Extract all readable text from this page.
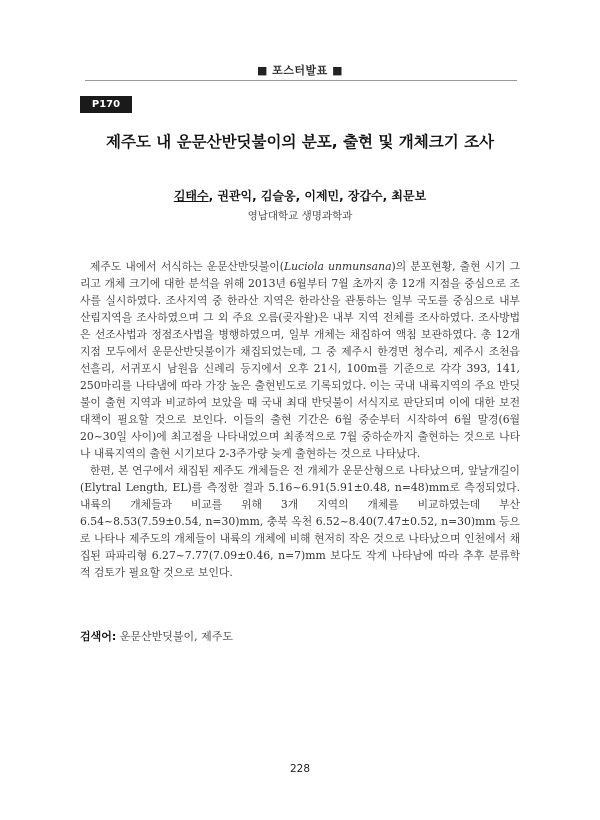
■ 포스터발표 ■
P170
제주도 내 운문산반딧불이의 분포, 출현 및 개체크기 조사
김태수, 권관익, 김슬옹, 이제민, 장갑수, 최문보
영남대학교 생명과학과

제주도 내에서 서식하는 운문산반딧불이(Luciola unmunsana)의 분포현황, 출현 시기 그리고 개체 크기에 대한 분석을 위해 2013년 6월부터 7월 초까지 총 12개 지점을 중심으로 조사를 실시하였다. 조사지역 중 한라산 지역은 한라산을 관통하는 일부 국도를 중심으로 내부 산림지역을 조사하였으며 그 외 주요 오름(곶자왈)은 내부 지역 전체를 조사하였다. 조사방법은 선조사법과 정점조사법을 병행하였으며, 일부 개체는 채집하여 액침 보관하였다. 총 12개 지점 모두에서 운문산반딧불이가 채집되었는데, 그 중 제주시 한경면 청수리, 제주시 조천읍 선흘리, 서귀포시 남원읍 신례리 등지에서 오후 21시, 100m를 기준으로 각각 393, 141, 250마리를 나타냄에 따라 가장 높은 출현빈도로 기록되었다. 이는 국내 내륙지역의 주요 반딧불이 출현 지역과 비교하여 보았을 때 국내 최대 반딧불이 서식지로 판단되며 이에 대한 보전대책이 필요할 것으로 보인다. 이들의 출현 기간은 6월 중순부터 시작하여 6월 말경(6월 20~30일 사이)에 최고점을 나타내었으며 최종적으로 7월 중하순까지 출현하는 것으로 나타나 내륙지역의 출현 시기보다 2-3주가량 늦게 출현하는 것으로 나타났다.

한편, 본 연구에서 채집된 제주도 개체들은 전 개체가 운문산형으로 나타났으며, 앞날개길이(Elytral Length, EL)를 측정한 결과 5.16~6.91(5.91±0.48, n=48)mm로 측정되었다. 내륙의 개체들과 비교를 위해 3개 지역의 개체를 비교하였는데 부산 6.54~8.53(7.59±0.54, n=30)mm, 충북 옥천 6.52~8.40(7.47±0.52, n=30)mm 등으로 나타나 제주도의 개체들이 내륙의 개체에 비해 현저히 작은 것으로 나타났으며 인천에서 채집된 파파리형 6.27~7.77(7.09±0.46, n=7)mm 보다도 작게 나타남에 따라 추후 분류학적 검토가 필요할 것으로 보인다.

검색어: 운문산반딧불이, 제주도
228
